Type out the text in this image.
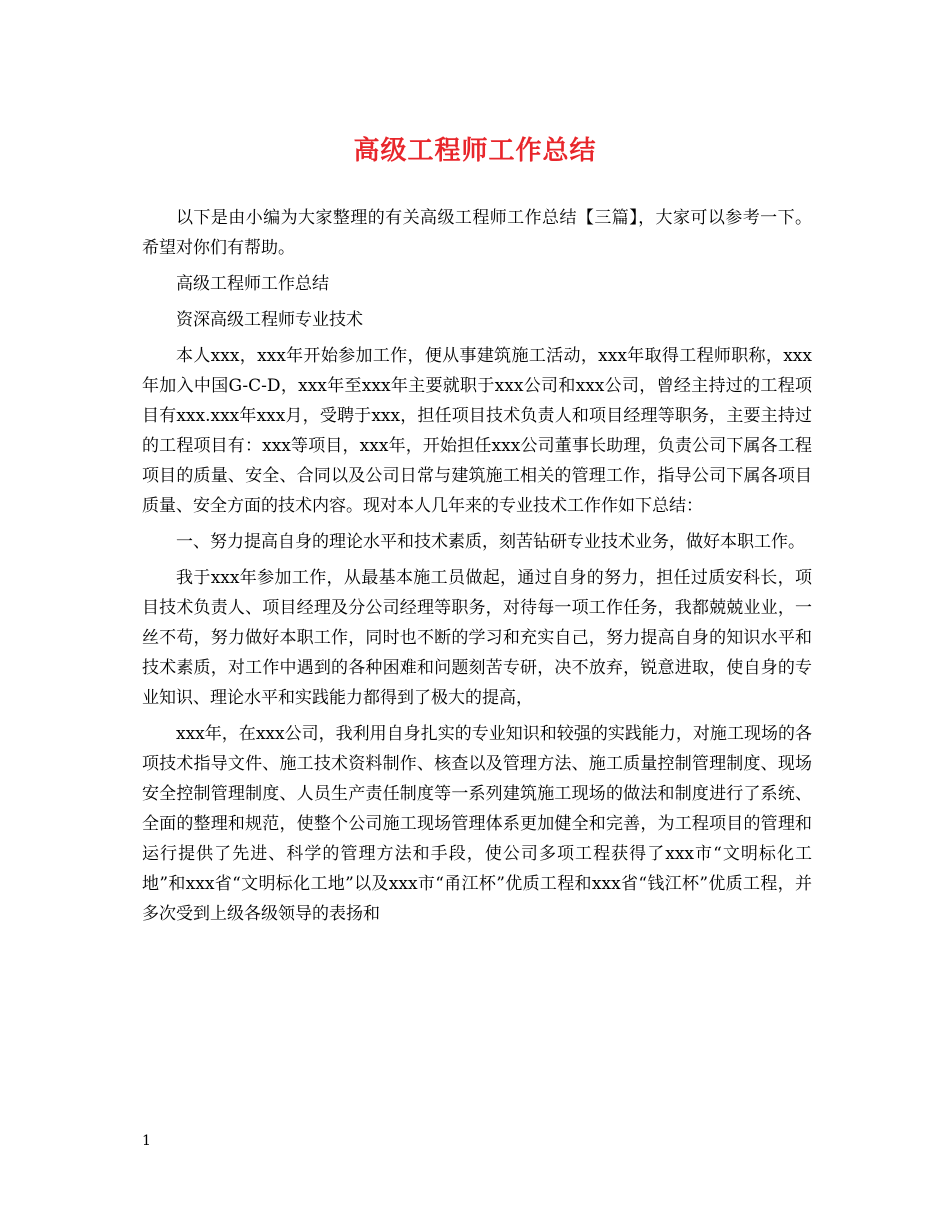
高级工程师工作总结

以下是由小编为大家整理的有关高级工程师工作总结【三篇】，大家可以参考一下。希望对你们有帮助。

高级工程师工作总结

资深高级工程师专业技术

本人xxx，xxx年开始参加工作，便从事建筑施工活动，xxx年取得工程师职称，xxx年加入中国G-C-D，xxx年至xxx年主要就职于xxx公司和xxx公司，曾经主持过的工程项目有xxx.xxx年xxx月，受聘于xxx，担任项目技术负责人和项目经理等职务，主要主持过的工程项目有：xxx等项目，xxx年，开始担任xxx公司董事长助理，负责公司下属各工程项目的质量、安全、合同以及公司日常与建筑施工相关的管理工作，指导公司下属各项目质量、安全方面的技术内容。现对本人几年来的专业技术工作作如下总结：

一、努力提高自身的理论水平和技术素质，刻苦钻研专业技术业务，做好本职工作。

我于xxx年参加工作，从最基本施工员做起，通过自身的努力，担任过质安科长，项目技术负责人、项目经理及分公司经理等职务，对待每一项工作任务，我都兢兢业业，一丝不苟，努力做好本职工作，同时也不断的学习和充实自己，努力提高自身的知识水平和技术素质，对工作中遇到的各种困难和问题刻苦专研，决不放弃，锐意进取，使自身的专业知识、理论水平和实践能力都得到了极大的提高，

xxx年，在xxx公司，我利用自身扎实的专业知识和较强的实践能力，对施工现场的各项技术指导文件、施工技术资料制作、核查以及管理方法、施工质量控制管理制度、现场安全控制管理制度、人员生产责任制度等一系列建筑施工现场的做法和制度进行了系统、全面的整理和规范，使整个公司施工现场管理体系更加健全和完善，为工程项目的管理和运行提供了先进、科学的管理方法和手段，使公司多项工程获得了xxx市“文明标化工地”和xxx省“文明标化工地”以及xxx市“甬江杯”优质工程和xxx省“钱江杯”优质工程，并多次受到上级各级领导的表扬和

1
